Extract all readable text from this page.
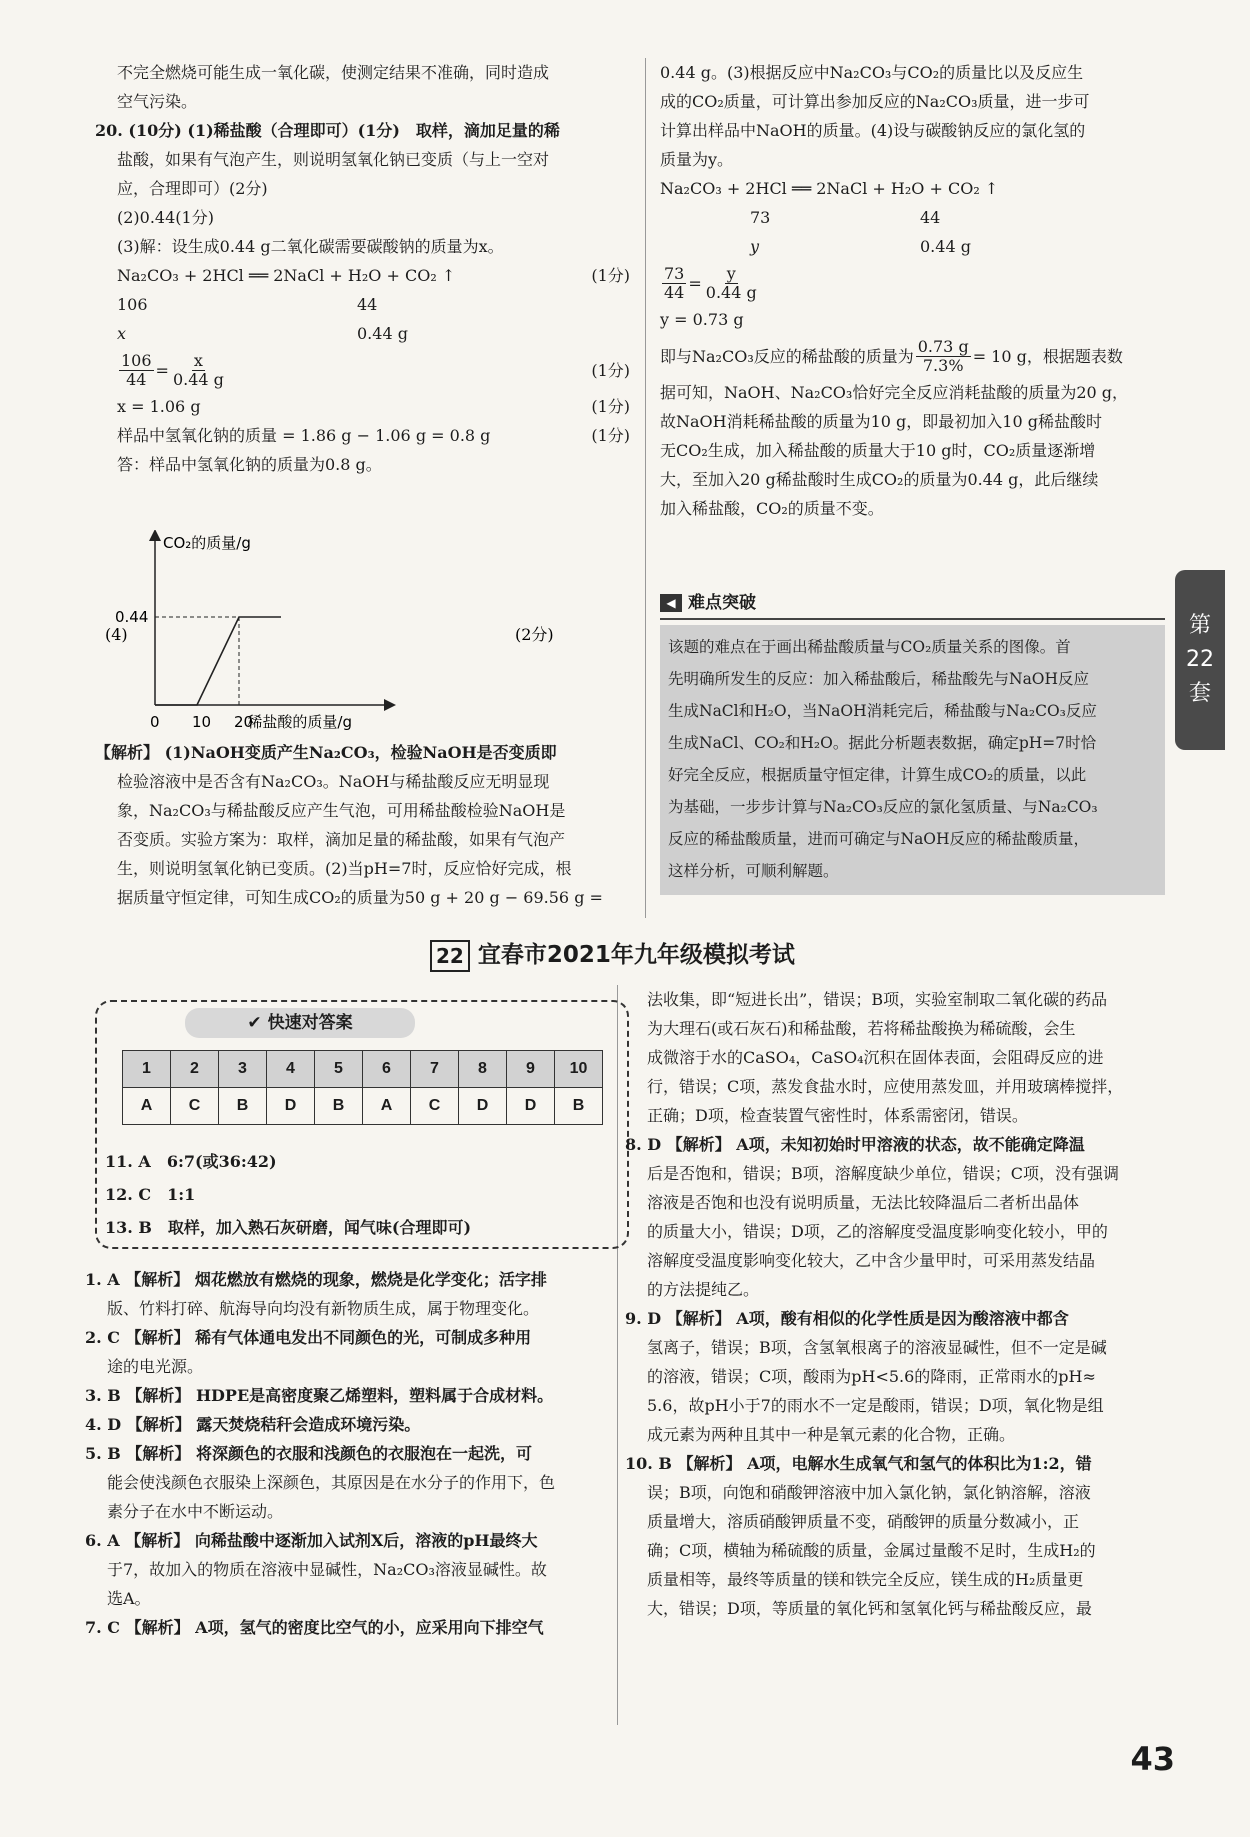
不完全燃烧可能生成一氧化碳，使测定结果不准确，同时造成

空气污染。

20. (10分) (1)稀盐酸（合理即可）(1分)　取样，滴加足量的稀

盐酸，如果有气泡产生，则说明氢氧化钠已变质（与上一空对

应，合理即可）(2分)

(2)0.44(1分)

(3)解：设生成0.44 g二氧化碳需要碳酸钠的质量为x。

Na₂CO₃ + 2HCl ══ 2NaCl + H₂O + CO₂ ↑	(1分)

106	44

x	0.44 g

$\frac{106}{44} = \frac{x}{0.44 g}$	(1分)

x = 1.06 g	(1分)

样品中氢氧化钠的质量 = 1.86 g − 1.06 g = 0.8 g	(1分)

答：样品中氢氧化钠的质量为0.8 g。

CO₂的质量/g
(4)	(2分)
0 10 20
0.44
稀盐酸的质量/g

【解析】 (1)NaOH变质产生Na₂CO₃，检验NaOH是否变质即

检验溶液中是否含有Na₂CO₃。NaOH与稀盐酸反应无明显现

象，Na₂CO₃与稀盐酸反应产生气泡，可用稀盐酸检验NaOH是

否变质。实验方案为：取样，滴加足量的稀盐酸，如果有气泡产

生，则说明氢氧化钠已变质。(2)当pH=7时，反应恰好完成，根

据质量守恒定律，可知生成CO₂的质量为50 g + 20 g − 69.56 g =

0.44 g。(3)根据反应中Na₂CO₃与CO₂的质量比以及反应生

成的CO₂质量，可计算出参加反应的Na₂CO₃质量，进一步可

计算出样品中NaOH的质量。(4)设与碳酸钠反应的氯化氢的

质量为y。

Na₂CO₃ + 2HCl ══ 2NaCl + H₂O + CO₂ ↑

73	44

y	0.44 g

$\frac{73}{44} = \frac{y}{0.44 g}$

y = 0.73 g

即与Na₂CO₃反应的稀盐酸的质量为 $\frac{0.73 g}{7.3\%} = 10$ g，根据题表数

据可知，NaOH、Na₂CO₃恰好完全反应消耗盐酸的质量为20 g，

故NaOH消耗稀盐酸的质量为10 g，即最初加入10 g稀盐酸时

无CO₂生成，加入稀盐酸的质量大于10 g时，CO₂质量逐渐增

大，至加入20 g稀盐酸时生成CO₂的质量为0.44 g，此后继续

加入稀盐酸，CO₂的质量不变。

◀ 难点突破

该题的难点在于画出稀盐酸质量与CO₂质量关系的图像。首

先明确所发生的反应：加入稀盐酸后，稀盐酸先与NaOH反应

生成NaCl和H₂O，当NaOH消耗完后，稀盐酸与Na₂CO₃反应

生成NaCl、CO₂和H₂O。据此分析题表数据，确定pH=7时恰

好完全反应，根据质量守恒定律，计算生成CO₂的质量，以此

为基础，一步步计算与Na₂CO₃反应的氯化氢质量、与Na₂CO₃

反应的稀盐酸质量，进而可确定与NaOH反应的稀盐酸质量，

这样分析，可顺利解题。

第
22
套
22 宜春市2021年九年级模拟考试
✔ 快速对答案
1	2	3	4	5	6	7	8	9	10
A	C	B	D	B	A	C	D	D	B

11. A　6:7(或36:42)

12. C　1:1

13. B　取样，加入熟石灰研磨，闻气味(合理即可)

1. A 【解析】 烟花燃放有燃烧的现象，燃烧是化学变化；活字排

版、竹料打碎、航海导向均没有新物质生成，属于物理变化。

2. C 【解析】 稀有气体通电发出不同颜色的光，可制成多种用

途的电光源。

3. B 【解析】 HDPE是高密度聚乙烯塑料，塑料属于合成材料。

4. D 【解析】 露天焚烧秸秆会造成环境污染。

5. B 【解析】 将深颜色的衣服和浅颜色的衣服泡在一起洗，可

能会使浅颜色衣服染上深颜色，其原因是在水分子的作用下，色

素分子在水中不断运动。

6. A 【解析】 向稀盐酸中逐渐加入试剂X后，溶液的pH最终大

于7，故加入的物质在溶液中显碱性，Na₂CO₃溶液显碱性。故

选A。

7. C 【解析】 A项，氢气的密度比空气的小，应采用向下排空气

法收集，即“短进长出”，错误；B项，实验室制取二氧化碳的药品

为大理石(或石灰石)和稀盐酸，若将稀盐酸换为稀硫酸，会生

成微溶于水的CaSO₄，CaSO₄沉积在固体表面，会阻碍反应的进

行，错误；C项，蒸发食盐水时，应使用蒸发皿，并用玻璃棒搅拌，

正确；D项，检查装置气密性时，体系需密闭，错误。

8. D 【解析】 A项，未知初始时甲溶液的状态，故不能确定降温

后是否饱和，错误；B项，溶解度缺少单位，错误；C项，没有强调

溶液是否饱和也没有说明质量，无法比较降温后二者析出晶体

的质量大小，错误；D项，乙的溶解度受温度影响变化较小，甲的

溶解度受温度影响变化较大，乙中含少量甲时，可采用蒸发结晶

的方法提纯乙。

9. D 【解析】 A项，酸有相似的化学性质是因为酸溶液中都含

氢离子，错误；B项，含氢氧根离子的溶液显碱性，但不一定是碱

的溶液，错误；C项，酸雨为pH<5.6的降雨，正常雨水的pH≈

5.6，故pH小于7的雨水不一定是酸雨，错误；D项，氧化物是组

成元素为两种且其中一种是氧元素的化合物，正确。

10. B 【解析】 A项，电解水生成氧气和氢气的体积比为1:2，错

误；B项，向饱和硝酸钾溶液中加入氯化钠，氯化钠溶解，溶液

质量增大，溶质硝酸钾质量不变，硝酸钾的质量分数减小，正

确；C项，横轴为稀硫酸的质量，金属过量酸不足时，生成H₂的

质量相等，最终等质量的镁和铁完全反应，镁生成的H₂质量更

大，错误；D项，等质量的氧化钙和氢氧化钙与稀盐酸反应，最

43
